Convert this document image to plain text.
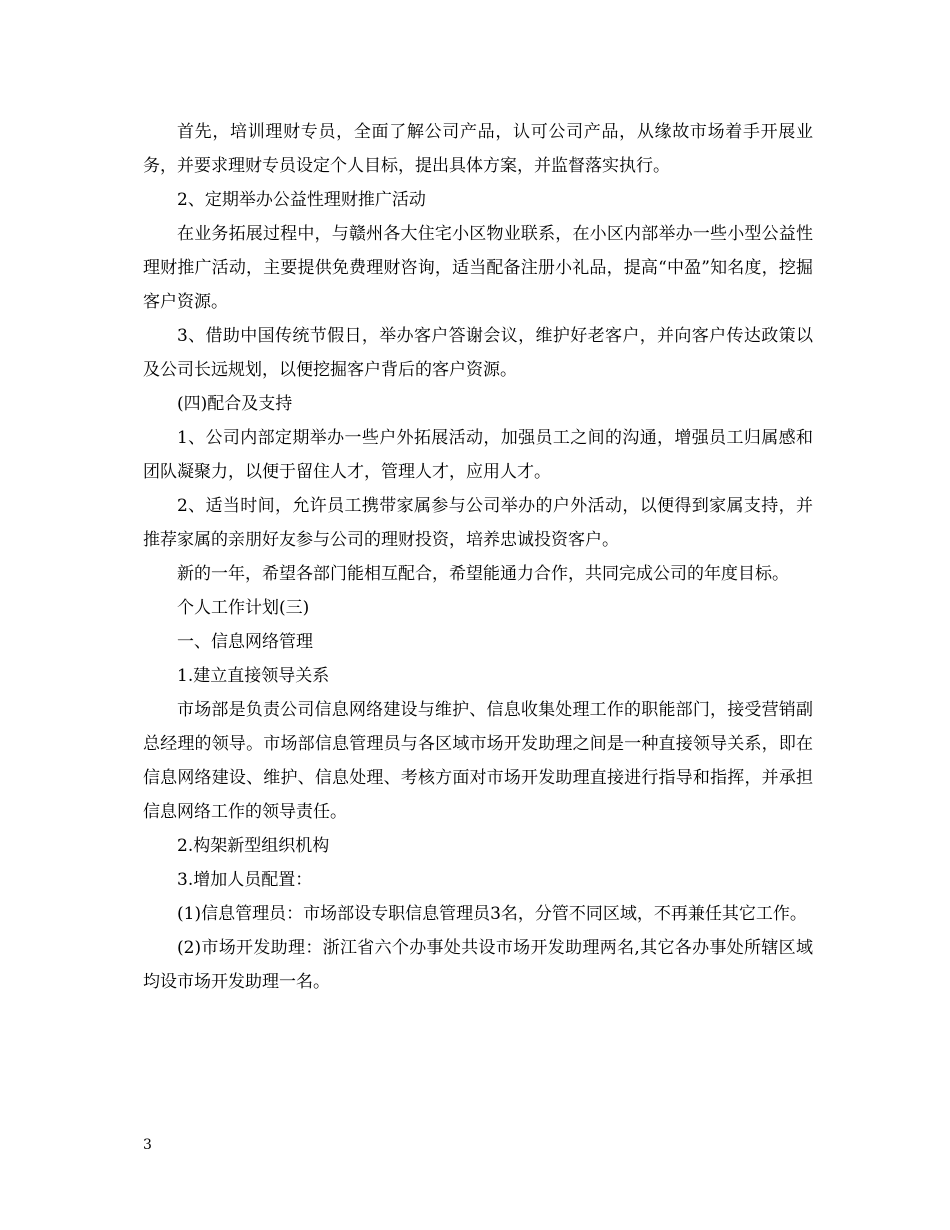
首先，培训理财专员，全面了解公司产品，认可公司产品，从缘故市场着手开展业务，并要求理财专员设定个人目标，提出具体方案，并监督落实执行。

2、定期举办公益性理财推广活动

在业务拓展过程中，与赣州各大住宅小区物业联系，在小区内部举办一些小型公益性理财推广活动，主要提供免费理财咨询，适当配备注册小礼品，提高“中盈”知名度，挖掘客户资源。

3、借助中国传统节假日，举办客户答谢会议，维护好老客户，并向客户传达政策以及公司长远规划，以便挖掘客户背后的客户资源。

(四)配合及支持

1、公司内部定期举办一些户外拓展活动，加强员工之间的沟通，增强员工归属感和团队凝聚力，以便于留住人才，管理人才，应用人才。

2、适当时间，允许员工携带家属参与公司举办的户外活动，以便得到家属支持，并推荐家属的亲朋好友参与公司的理财投资，培养忠诚投资客户。

新的一年，希望各部门能相互配合，希望能通力合作，共同完成公司的年度目标。

个人工作计划(三)

一、信息网络管理

1.建立直接领导关系

市场部是负责公司信息网络建设与维护、信息收集处理工作的职能部门，接受营销副总经理的领导。市场部信息管理员与各区域市场开发助理之间是一种直接领导关系，即在信息网络建设、维护、信息处理、考核方面对市场开发助理直接进行指导和指挥，并承担信息网络工作的领导责任。

2.构架新型组织机构

3.增加人员配置：

(1)信息管理员：市场部设专职信息管理员3名，分管不同区域，不再兼任其它工作。

(2)市场开发助理：浙江省六个办事处共设市场开发助理两名,其它各办事处所辖区域均设市场开发助理一名。

3
